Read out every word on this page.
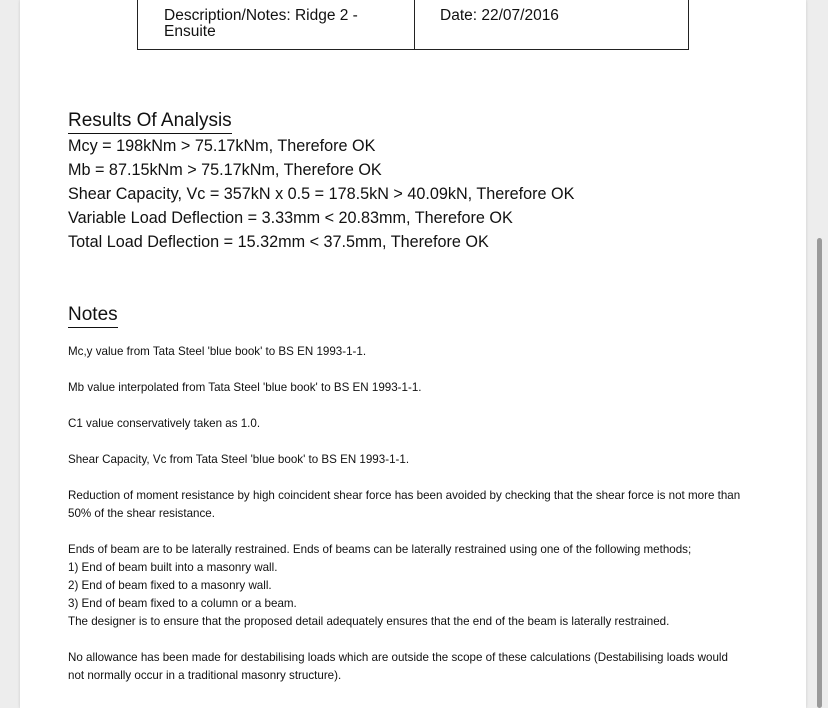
Description/Notes: Ridge 2 - Ensuite
Date: 22/07/2016
Results Of Analysis
Mcy = 198kNm > 75.17kNm, Therefore OK
Mb = 87.15kNm > 75.17kNm, Therefore OK
Shear Capacity, Vc = 357kN x 0.5 = 178.5kN > 40.09kN, Therefore OK
Variable Load Deflection = 3.33mm < 20.83mm, Therefore OK
Total Load Deflection = 15.32mm < 37.5mm, Therefore OK
Notes

Mc,y value from Tata Steel 'blue book' to BS EN 1993-1-1.

Mb value interpolated from Tata Steel 'blue book' to BS EN 1993-1-1.

C1 value conservatively taken as 1.0.

Shear Capacity, Vc from Tata Steel 'blue book' to BS EN 1993-1-1.

Reduction of moment resistance by high coincident shear force has been avoided by checking that the shear force is not more than

50% of the shear resistance.

Ends of beam are to be laterally restrained. Ends of beams can be laterally restrained using one of the following methods;

1) End of beam built into a masonry wall.

2) End of beam fixed to a masonry wall.

3) End of beam fixed to a column or a beam.

The designer is to ensure that the proposed detail adequately ensures that the end of the beam is laterally restrained.

No allowance has been made for destabilising loads which are outside the scope of these calculations (Destabilising loads would

not normally occur in a traditional masonry structure).
